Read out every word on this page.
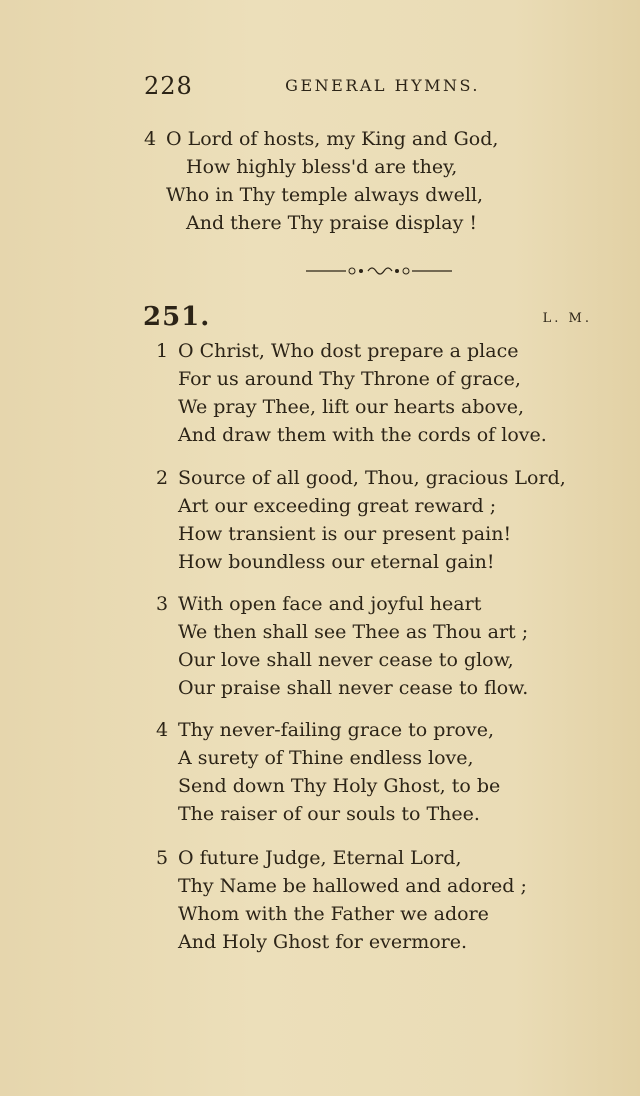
228	GENERAL HYMNS.
4 O Lord of hosts, my King and God,
How highly bless'd are they,
Who in Thy temple always dwell,
And there Thy praise display !
251.	L. M.
1 O Christ, Who dost prepare a place
For us around Thy Throne of grace,
We pray Thee, lift our hearts above,
And draw them with the cords of love.
2 Source of all good, Thou, gracious Lord,
Art our exceeding great reward ;
How transient is our present pain!
How boundless our eternal gain!
3 With open face and joyful heart
We then shall see Thee as Thou art ;
Our love shall never cease to glow,
Our praise shall never cease to flow.
4 Thy never-failing grace to prove,
A surety of Thine endless love,
Send down Thy Holy Ghost, to be
The raiser of our souls to Thee.
5 O future Judge, Eternal Lord,
Thy Name be hallowed and adored ;
Whom with the Father we adore
And Holy Ghost for evermore.
